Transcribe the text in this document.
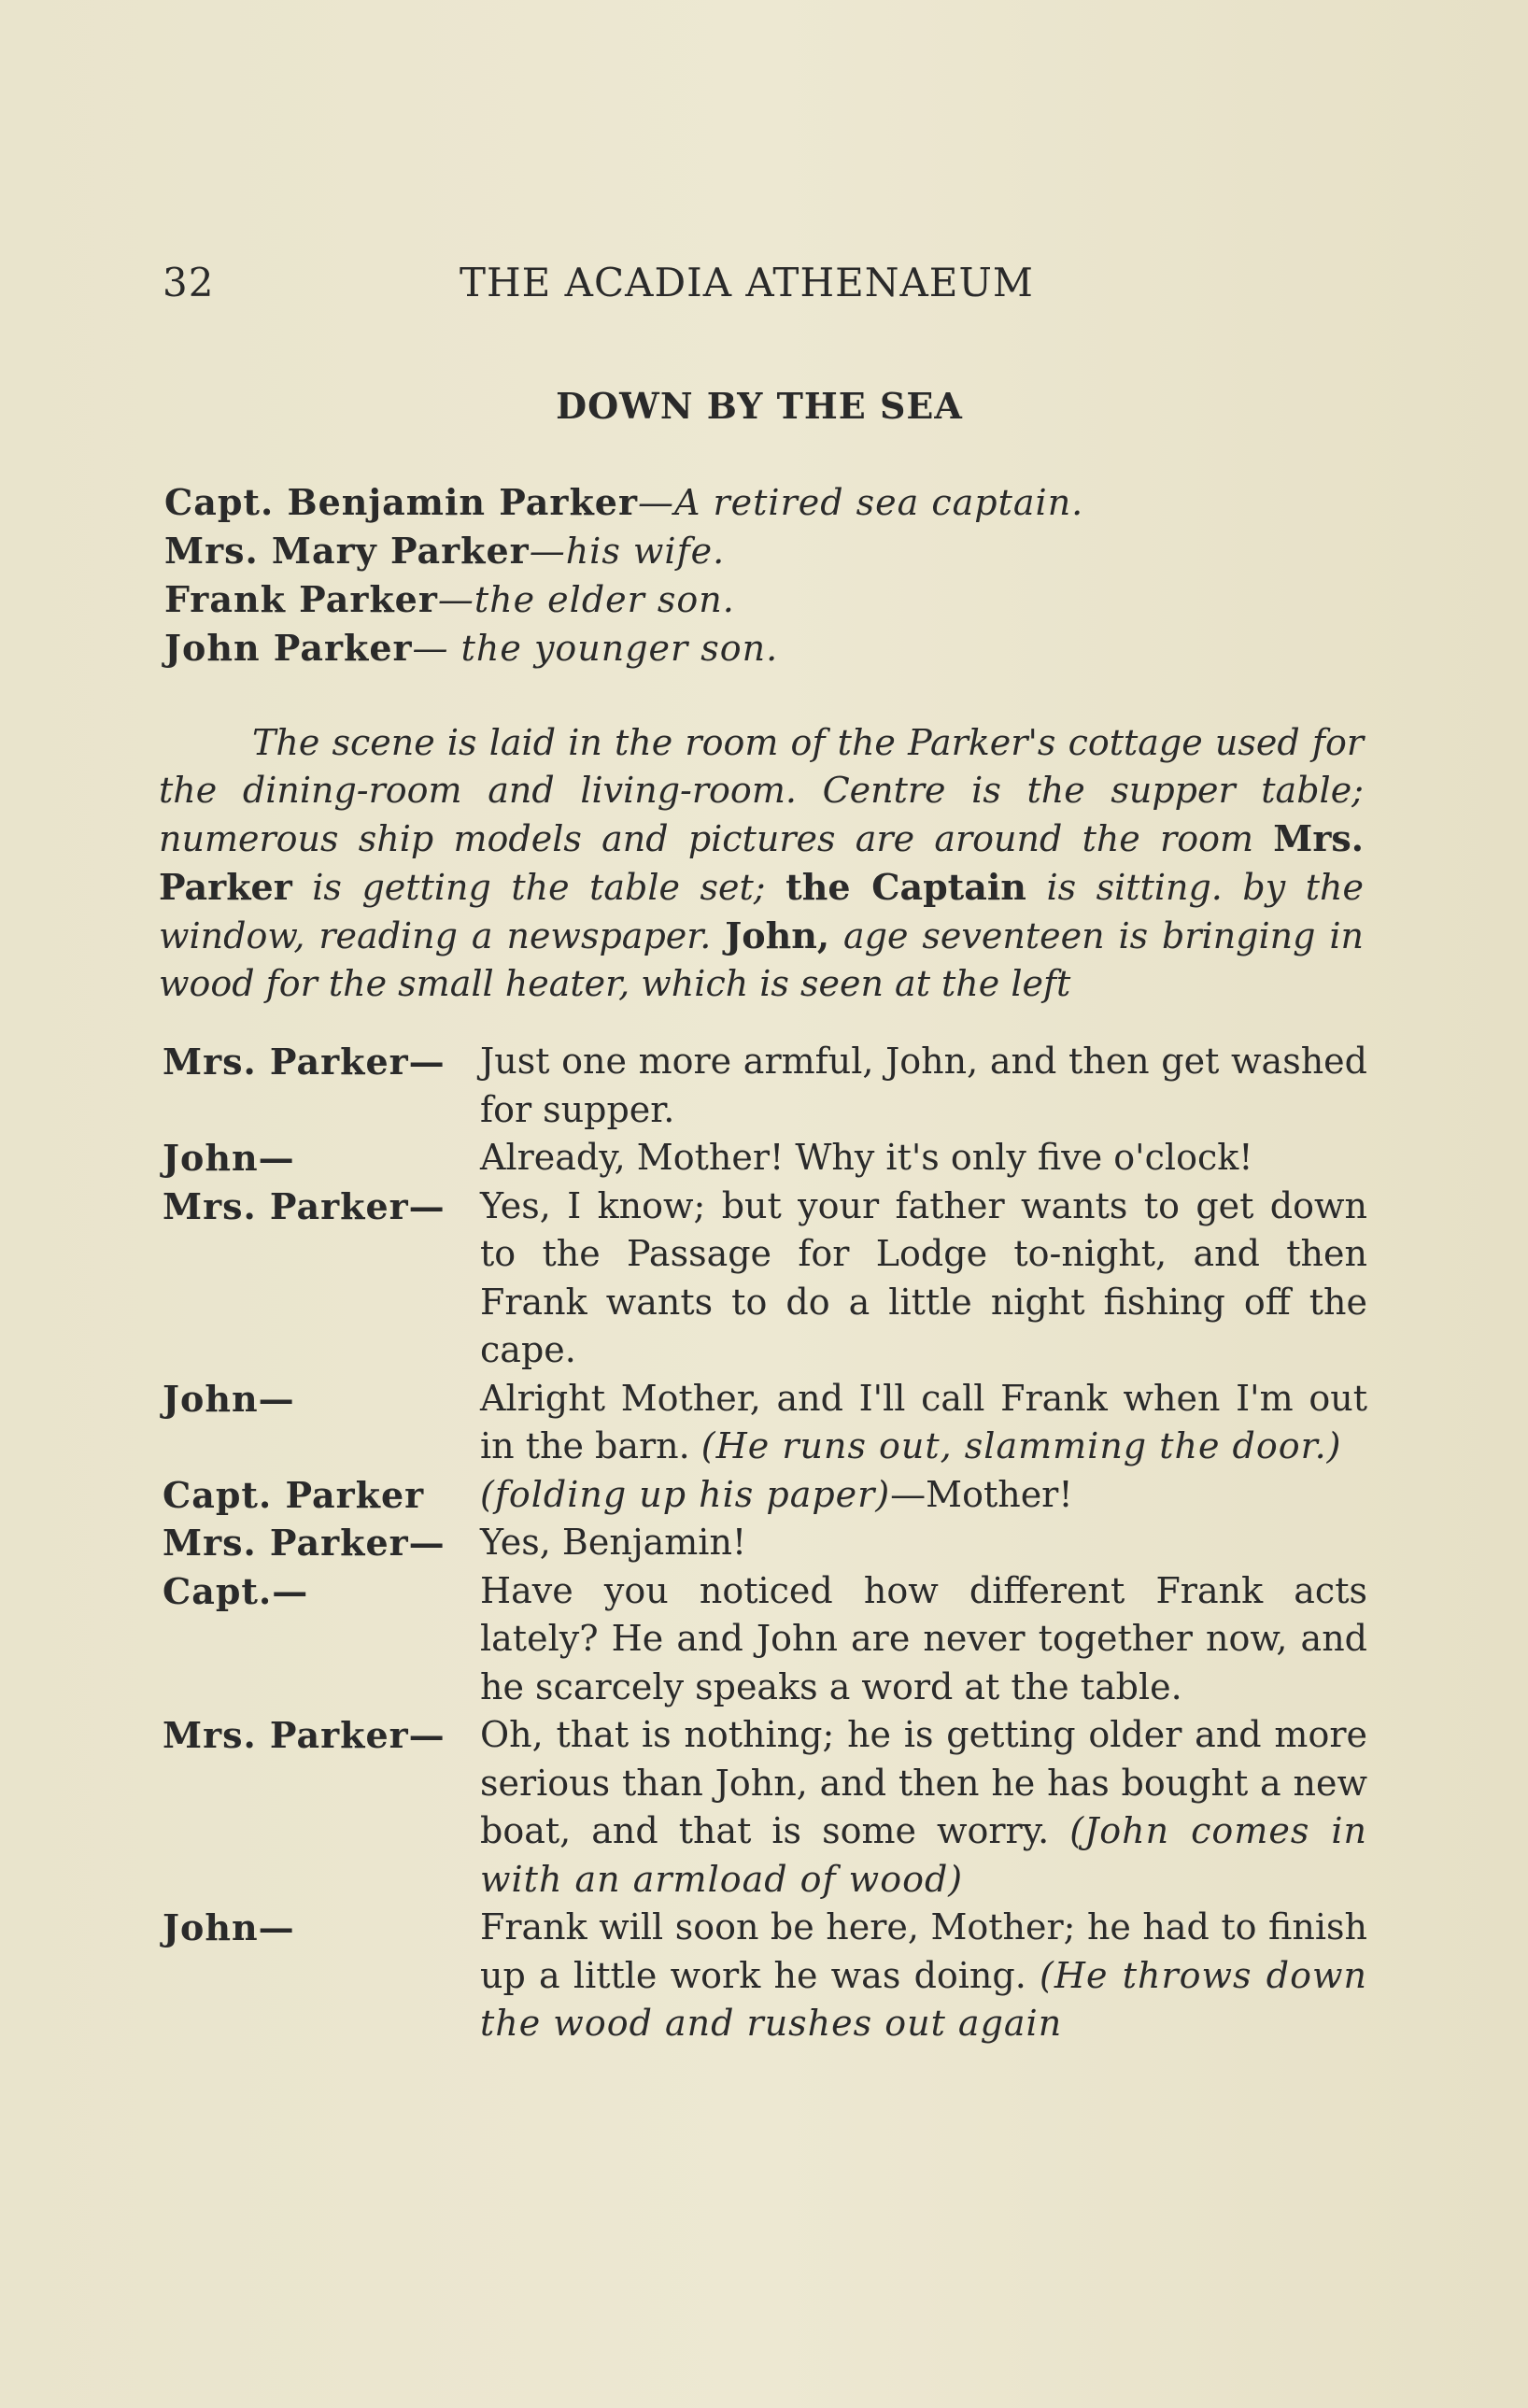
32	THE ACADIA ATHENAEUM
DOWN BY THE SEA
Capt. Benjamin Parker—A retired sea captain.
Mrs. Mary Parker—his wife.
Frank Parker—the elder son.
John Parker— the younger son.

The scene is laid in the room of the Parker's cottage used for the dining-room and living-room. Centre is the supper table; numerous ship models and pictures are around the room Mrs. Parker is getting the table set; the Captain is sitting. by the window, reading a newspaper. John, age seventeen is bringing in wood for the small heater, which is seen at the left

Mrs. Parker— Just one more armful, John, and then get washed for supper.
John—	Already, Mother! Why it's only five o'clock!
Mrs. Parker— Yes, I know; but your father wants to get down to the Passage for Lodge to-night, and then Frank wants to do a little night fishing off the cape.
John—	Alright Mother, and I'll call Frank when I'm out in the barn. (He runs out, slamming the door.)
Capt. Parker	(folding up his paper)—Mother!
Mrs. Parker— Yes, Benjamin!
Capt.—	Have you noticed how different Frank acts lately? He and John are never together now, and he scarcely speaks a word at the table.
Mrs. Parker— Oh, that is nothing; he is getting older and more serious than John, and then he has bought a new boat, and that is some worry. (John comes in with an armload of wood)
John—	Frank will soon be here, Mother; he had to finish up a little work he was doing. (He throws down the wood and rushes out again
